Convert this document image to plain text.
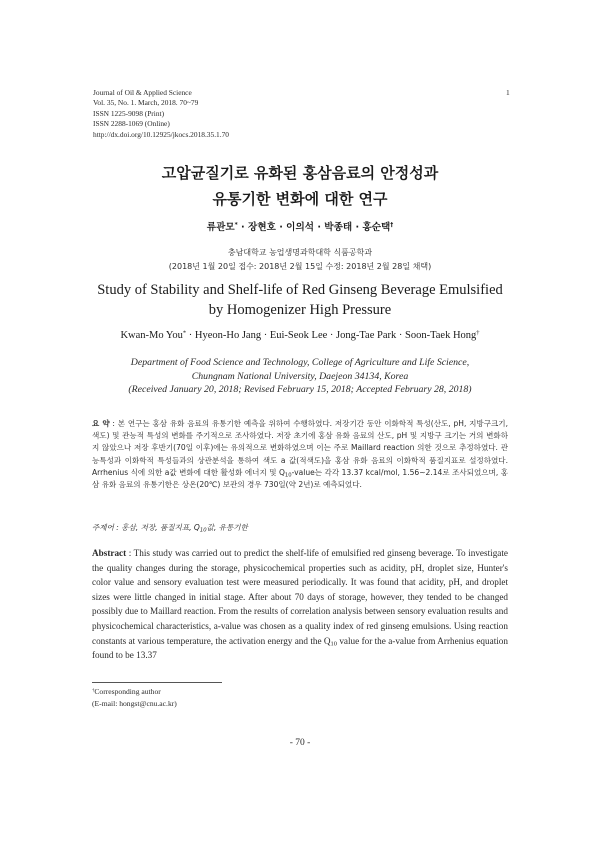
Journal of Oil & Applied Science
Vol. 35, No. 1. March, 2018. 70~79
ISSN 1225-9098 (Print)
ISSN 2288-1069 (Online)
http://dx.doi.org/10.12925/jkocs.2018.35.1.70
1
고압균질기로 유화된 홍삼음료의 안정성과
유통기한 변화에 대한 연구
류관모* · 장현호 · 이의석 · 박종태 · 홍순택†
충남대학교 농업생명과학대학 식품공학과
(2018년 1월 20일 접수: 2018년 2월 15일 수정: 2018년 2월 28일 채택)
Study of Stability and Shelf-life of Red Ginseng Beverage Emulsified
by Homogenizer High Pressure
Kwan-Mo You* · Hyeon-Ho Jang · Eui-Seok Lee · Jong-Tae Park · Soon-Taek Hong†
Department of Food Science and Technology, College of Agriculture and Life Science,
Chungnam National University, Daejeon 34134, Korea
(Received January 20, 2018; Revised February 15, 2018; Accepted February 28, 2018)
요 약 : 본 연구는 홍삼 유화 음료의 유통기한 예측을 위하여 수행하였다. 저장기간 동안 이화학적 특성(산도, pH, 지방구크기, 색도) 및 관능적 특성의 변화를 주기적으로 조사하였다. 저장 초기에 홍삼 유화 음료의 산도, pH 및 지방구 크기는 거의 변화하지 않았으나 저장 후반기(70일 이후)에는 유의적으로 변화하였으며 이는 주로 Maillard reaction 의한 것으로 추정하였다. 관능특성과 이화학적 특성들과의 상관분석을 통하여 색도 a 값(적색도)을 홍삼 유화 음료의 이화학적 품질지표로 설정하였다. Arrhenius 식에 의한 a값 변화에 대한 활성화 에너지 및 $Q_{10}$-value는 각각 13.37 kcal/mol, 1.56~2.14로 조사되었으며, 홍삼 유화 음료의 유통기한은 상온(20℃) 보관의 경우 730일(약 2년)로 예측되었다.
주제어 : 홍삼, 저장, 품질지표, $Q_{10}$값, 유통기한
Abstract : This study was carried out to predict the shelf-life of emulsified red ginseng beverage. To investigate the quality changes during the storage, physicochemical properties such as acidity, pH, droplet size, Hunter's color value and sensory evaluation test were measured periodically. It was found that acidity, pH, and droplet sizes were little changed in initial stage. After about 70 days of storage, however, they tended to be changed possibly due to Maillard reaction. From the results of correlation analysis between sensory evaluation results and physicochemical characteristics, a-value was chosen as a quality index of red ginseng emulsions. Using reaction constants at various temperature, the activation energy and the $Q_{10}$ value for the a-value from Arrhenius equation found to be 13.37
†Corresponding author
(E-mail: hongst@cnu.ac.kr)
- 70 -
